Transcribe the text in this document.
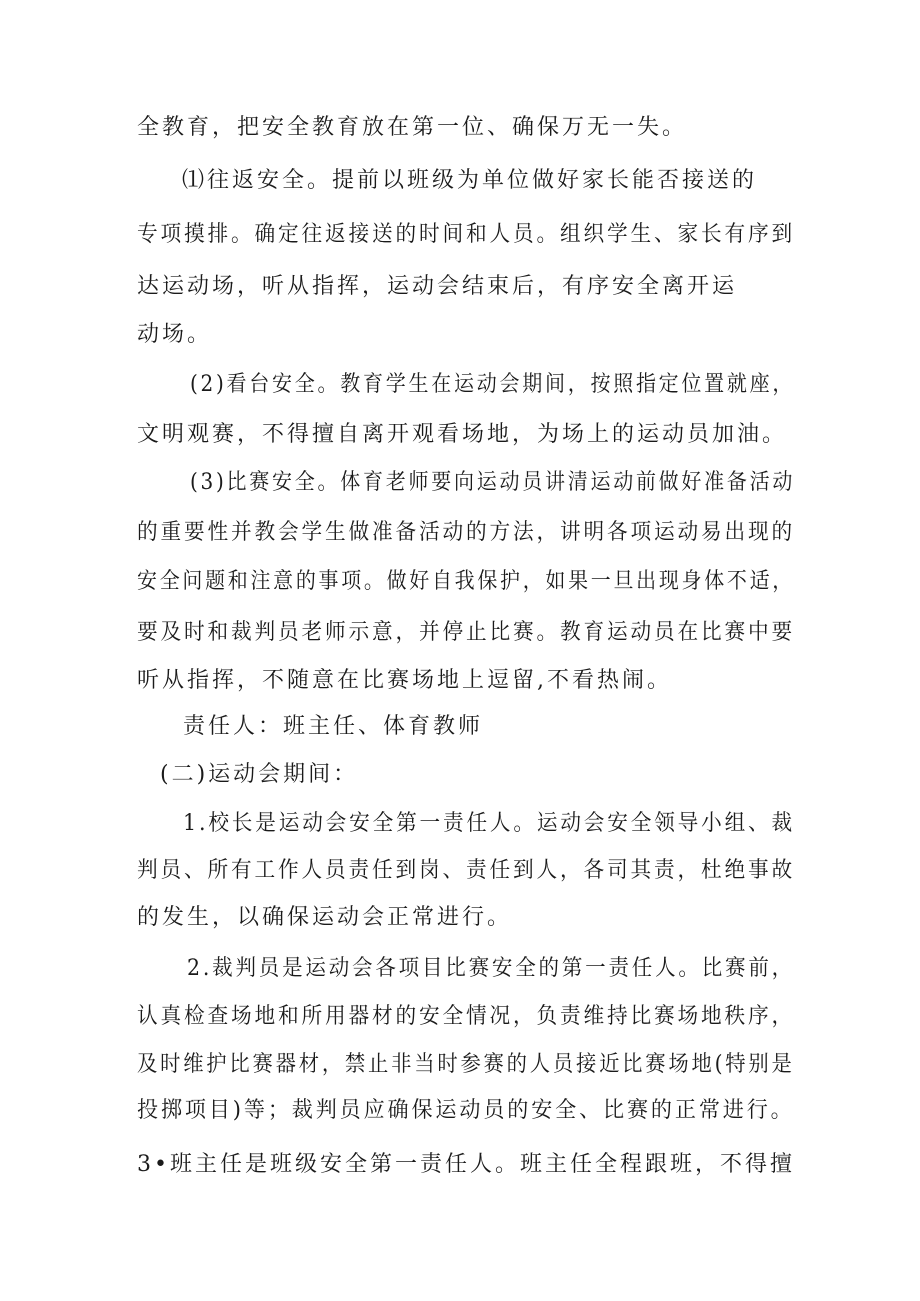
全教育，把安全教育放在第一位、确保万无一失。
⑴往返安全。提前以班级为单位做好家长能否接送的
专项摸排。确定往返接送的时间和人员。组织学生、家长有序到
达运动场，听从指挥，运动会结束后，有序安全离开运
动场。
(2)看台安全。教育学生在运动会期间，按照指定位置就座，
文明观赛，不得擅自离开观看场地，为场上的运动员加油。
(3)比赛安全。体育老师要向运动员讲清运动前做好准备活动
的重要性并教会学生做准备活动的方法，讲明各项运动易出现的
安全问题和注意的事项。做好自我保护，如果一旦出现身体不适，
要及时和裁判员老师示意，并停止比赛。教育运动员在比赛中要
听从指挥，不随意在比赛场地上逗留,不看热闹。
责任人：班主任、体育教师
(二)运动会期间：
1.校长是运动会安全第一责任人。运动会安全领导小组、裁
判员、所有工作人员责任到岗、责任到人，各司其责，杜绝事故
的发生，以确保运动会正常进行。
2.裁判员是运动会各项目比赛安全的第一责任人。比赛前，
认真检查场地和所用器材的安全情况，负责维持比赛场地秩序，
及时维护比赛器材，禁止非当时参赛的人员接近比赛场地(特别是
投掷项目)等；裁判员应确保运动员的安全、比赛的正常进行。
3•班主任是班级安全第一责任人。班主任全程跟班，不得擅
